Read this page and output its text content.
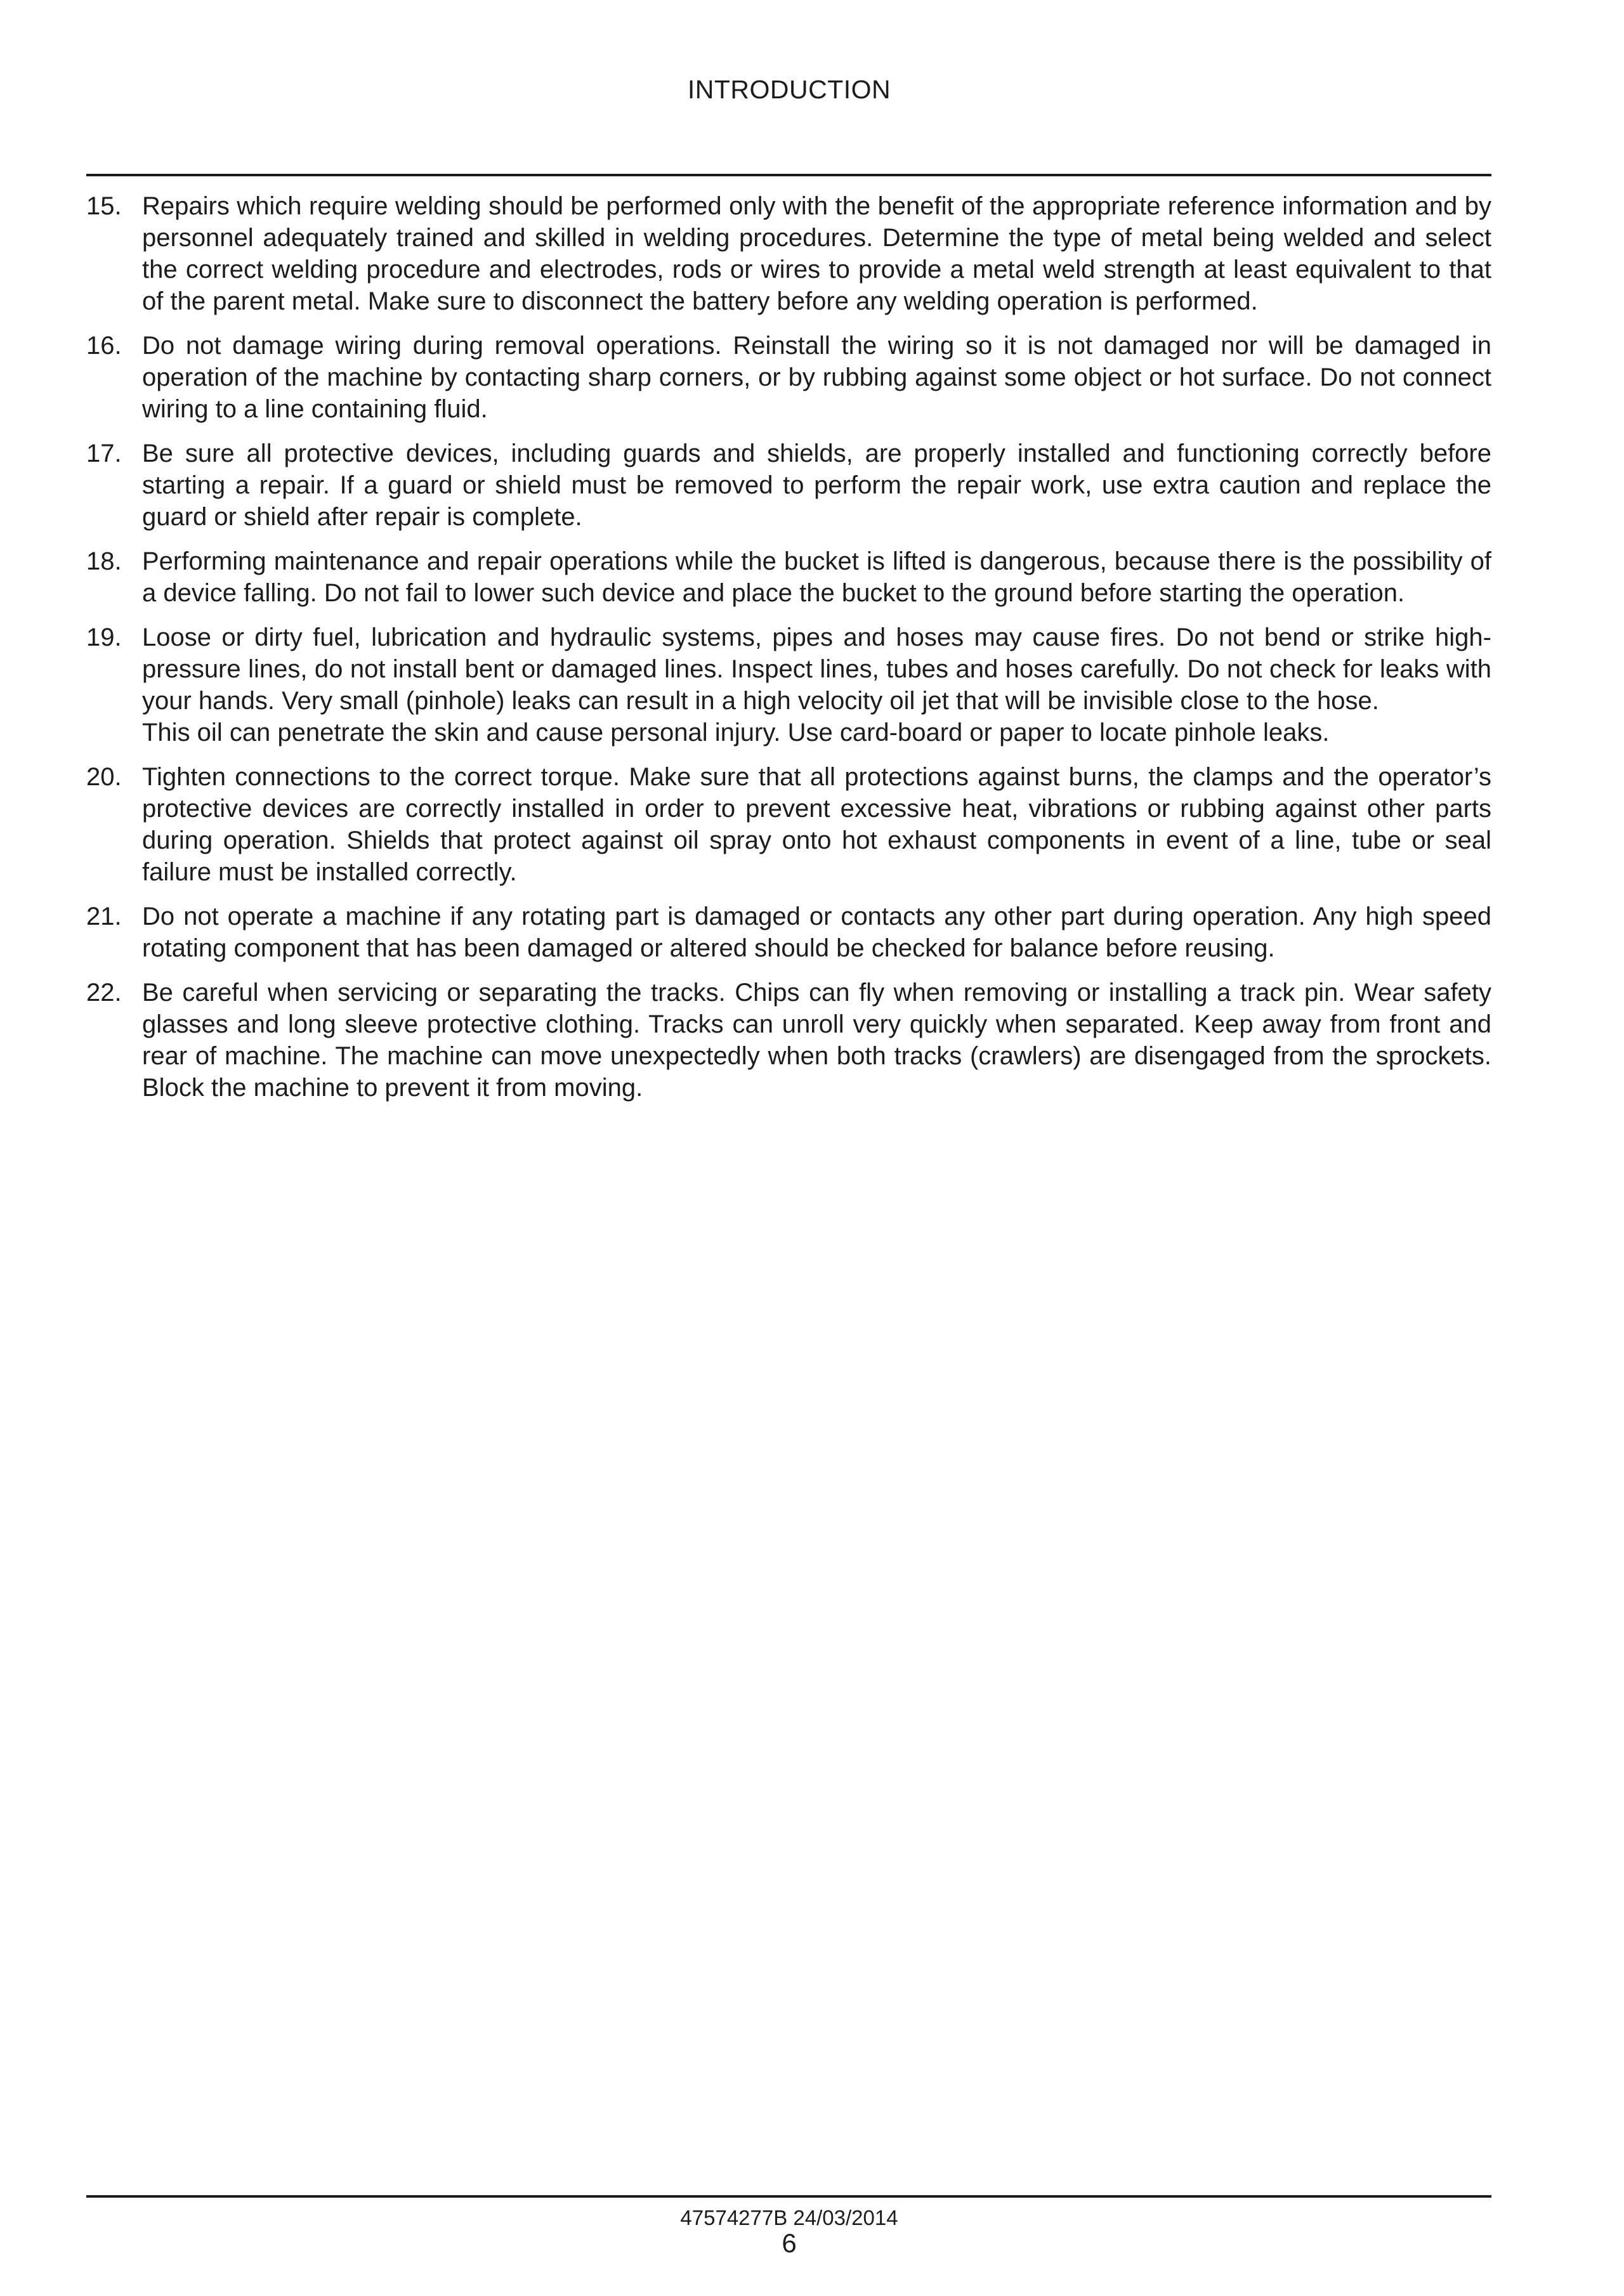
INTRODUCTION
15. Repairs which require welding should be performed only with the benefit of the appropriate reference information and by personnel adequately trained and skilled in welding procedures. Determine the type of metal being welded and select the correct welding procedure and electrodes, rods or wires to provide a metal weld strength at least equivalent to that of the parent metal. Make sure to disconnect the battery before any welding operation is performed.
16. Do not damage wiring during removal operations. Reinstall the wiring so it is not damaged nor will be damaged in operation of the machine by contacting sharp corners, or by rubbing against some object or hot surface. Do not connect wiring to a line containing fluid.
17. Be sure all protective devices, including guards and shields, are properly installed and functioning correctly before starting a repair. If a guard or shield must be removed to perform the repair work, use extra caution and replace the guard or shield after repair is complete.
18. Performing maintenance and repair operations while the bucket is lifted is dangerous, because there is the possibility of a device falling. Do not fail to lower such device and place the bucket to the ground before starting the operation.
19. Loose or dirty fuel, lubrication and hydraulic systems, pipes and hoses may cause fires. Do not bend or strike high-pressure lines, do not install bent or damaged lines. Inspect lines, tubes and hoses carefully. Do not check for leaks with your hands. Very small (pinhole) leaks can result in a high velocity oil jet that will be invisible close to the hose.
This oil can penetrate the skin and cause personal injury. Use card-board or paper to locate pinhole leaks.
20. Tighten connections to the correct torque. Make sure that all protections against burns, the clamps and the operator’s protective devices are correctly installed in order to prevent excessive heat, vibrations or rubbing against other parts during operation. Shields that protect against oil spray onto hot exhaust components in event of a line, tube or seal failure must be installed correctly.
21. Do not operate a machine if any rotating part is damaged or contacts any other part during operation. Any high speed rotating component that has been damaged or altered should be checked for balance before reusing.
22. Be careful when servicing or separating the tracks. Chips can fly when removing or installing a track pin. Wear safety glasses and long sleeve protective clothing. Tracks can unroll very quickly when separated. Keep away from front and rear of machine. The machine can move unexpectedly when both tracks (crawlers) are disengaged from the sprockets. Block the machine to prevent it from moving.
47574277B 24/03/2014
6
